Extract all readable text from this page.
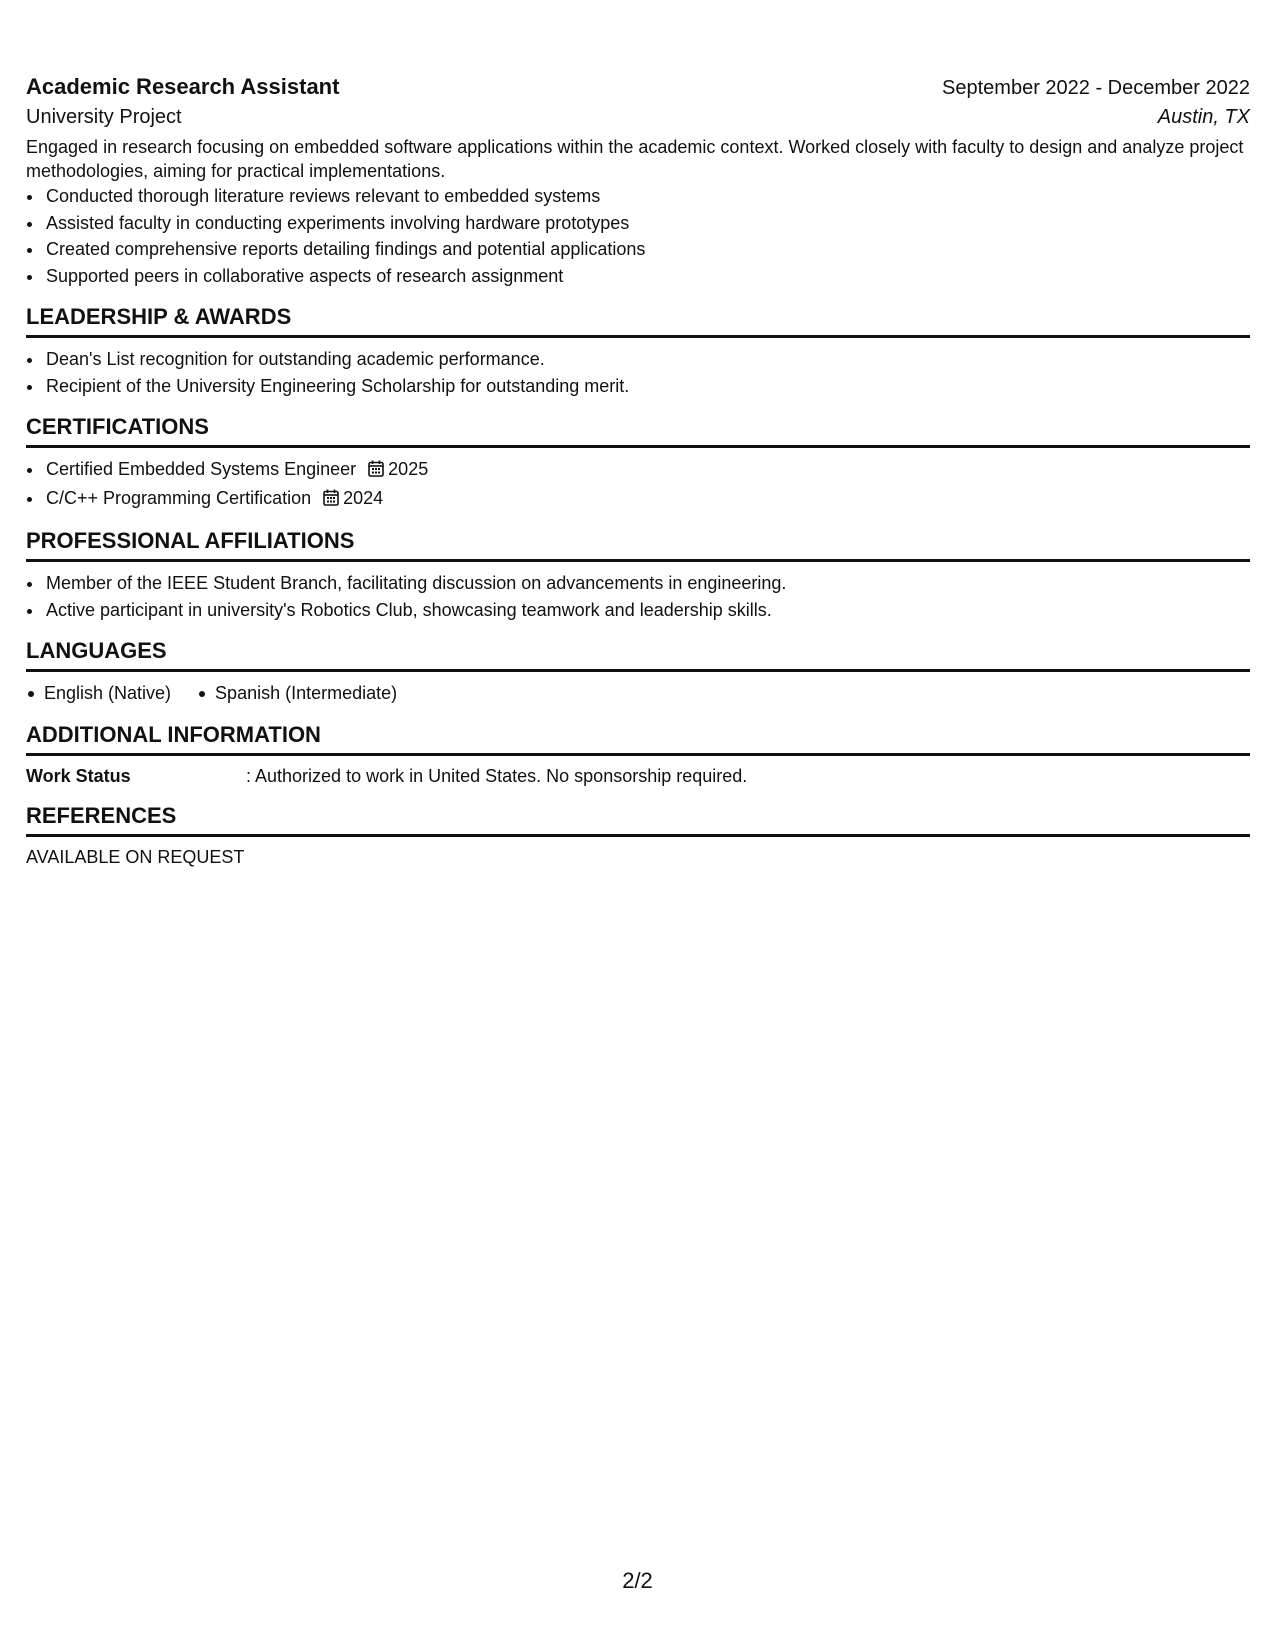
Academic Research Assistant	September 2022 - December 2022
University Project	Austin, TX
Engaged in research focusing on embedded software applications within the academic context. Worked closely with faculty to design and analyze project methodologies, aiming for practical implementations.
• Conducted thorough literature reviews relevant to embedded systems
• Assisted faculty in conducting experiments involving hardware prototypes
• Created comprehensive reports detailing findings and potential applications
• Supported peers in collaborative aspects of research assignment
LEADERSHIP & AWARDS
• Dean's List recognition for outstanding academic performance.
• Recipient of the University Engineering Scholarship for outstanding merit.
CERTIFICATIONS
• Certified Embedded Systems Engineer 2025
• C/C++ Programming Certification 2024
PROFESSIONAL AFFILIATIONS
• Member of the IEEE Student Branch, facilitating discussion on advancements in engineering.
• Active participant in university's Robotics Club, showcasing teamwork and leadership skills.
LANGUAGES
English (Native)	Spanish (Intermediate)
ADDITIONAL INFORMATION
Work Status	: Authorized to work in United States. No sponsorship required.
REFERENCES
AVAILABLE ON REQUEST
2/2
